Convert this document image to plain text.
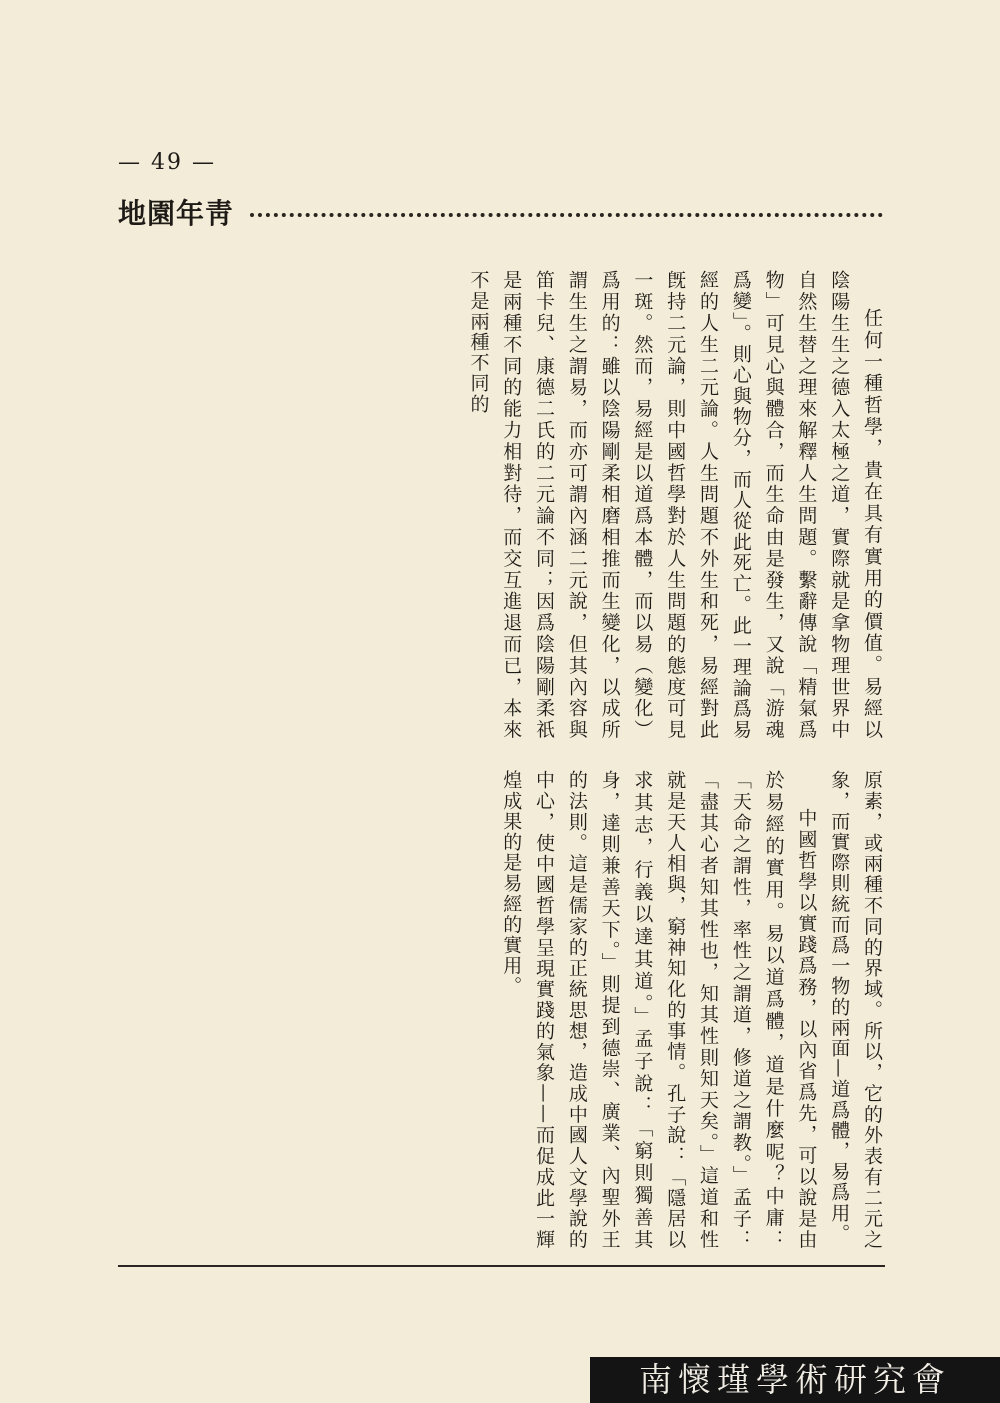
— 49 —
地園年靑

任何一種哲學，貴在具有實用的價值。易經以陰陽生生之德入太極之道，實際就是拿物理世界中自然生替之理來解釋人生問題。繫辭傳說「精氣爲物」可見心與體合，而生命由是發生，又說「游魂爲變」。則心與物分，而人從此死亡。此一理論爲易經的人生二元論。人生問題不外生和死，易經對此旣持二元論，則中國哲學對於人生問題的態度可見一斑。然而，易經是以道爲本體，而以易（變化）爲用的：雖以陰陽剛柔相磨相推而生變化，以成所謂生生之謂易，而亦可謂內涵二元說，但其內容與笛卡兒、康德二氏的二元論不同；因爲陰陽剛柔祇是兩種不同的能力相對待，而交互進退而已，本來不是兩種不同的

原素，或兩種不同的界域。所以，它的外表有二元之象，而實際則統而爲一物的兩面—道爲體，易爲用。

中國哲學以實踐爲務，以內省爲先，可以說是由於易經的實用。易以道爲體，道是什麼呢？中庸：「天命之謂性，率性之謂道，修道之謂教。」孟子：「盡其心者知其性也，知其性則知天矣。」這道和性就是天人相與，窮神知化的事情。孔子說：「隱居以求其志，行義以達其道。」孟子說：「窮則獨善其身，達則兼善天下。」則提到德崇、廣業、內聖外王的法則。這是儒家的正統思想，造成中國人文學說的中心，使中國哲學呈現實踐的氣象——而促成此一輝煌成果的是易經的實用。

南懷瑾學術研究會
